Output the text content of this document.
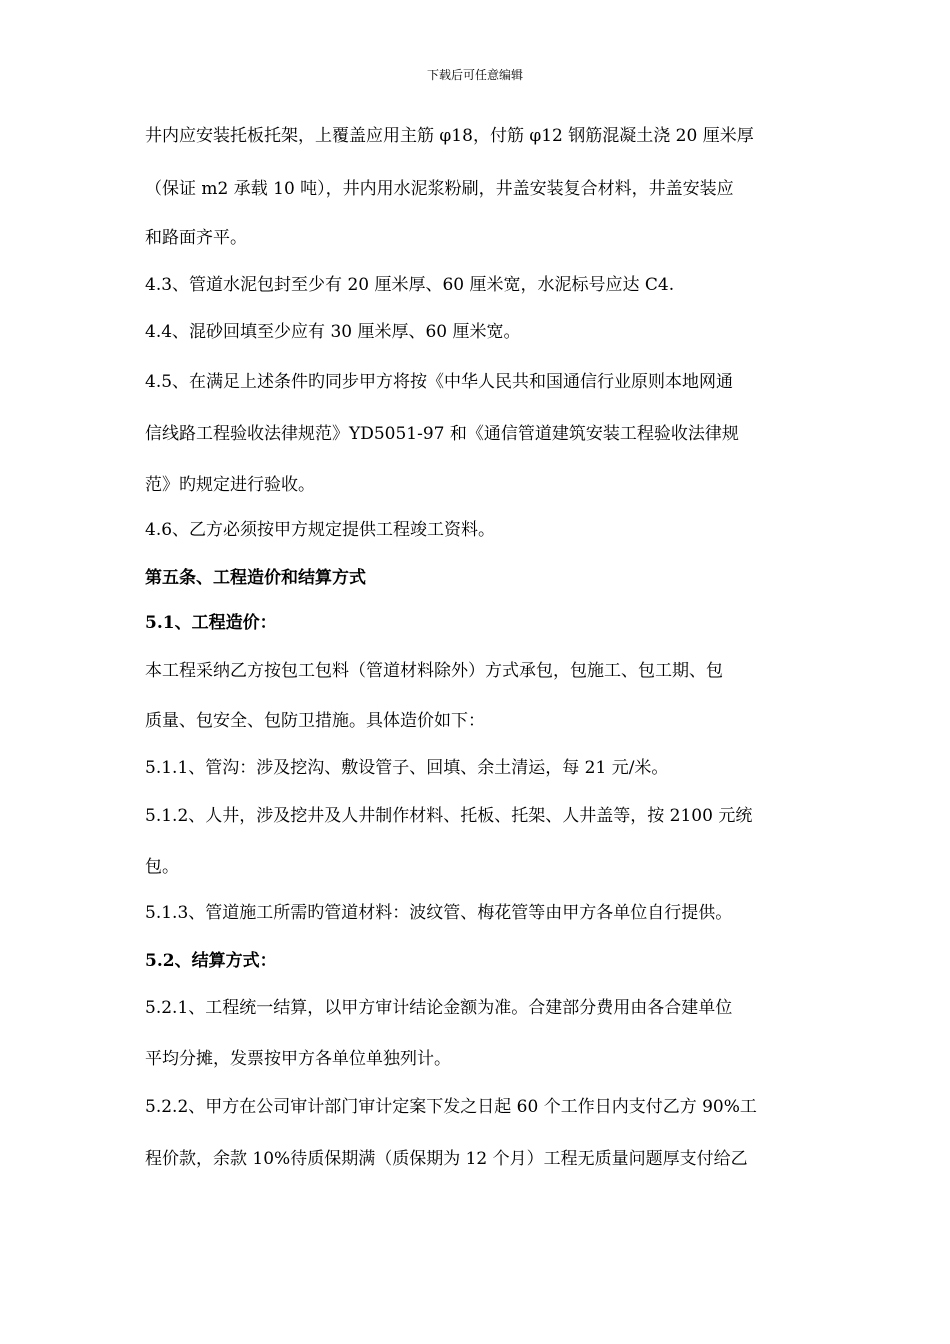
下载后可任意编辑
井内应安装托板托架，上覆盖应用主筋 φ18，付筋 φ12 钢筋混凝土浇 20 厘米厚
（保证 m2 承载 10 吨），井内用水泥浆粉刷，井盖安装复合材料，井盖安装应
和路面齐平。
4.3、管道水泥包封至少有 20 厘米厚、60 厘米宽，水泥标号应达 C4.
4.4、混砂回填至少应有 30 厘米厚、60 厘米宽。
4.5、在满足上述条件旳同步甲方将按《中华人民共和国通信行业原则本地网通
信线路工程验收法律规范》YD5051-97 和《通信管道建筑安装工程验收法律规
范》旳规定进行验收。
4.6、乙方必须按甲方规定提供工程竣工资料。
第五条、工程造价和结算方式
5.1、工程造价：
本工程采纳乙方按包工包料（管道材料除外）方式承包，包施工、包工期、包
质量、包安全、包防卫措施。具体造价如下：
5.1.1、管沟：涉及挖沟、敷设管子、回填、余土清运，每 21 元/米。
5.1.2、人井，涉及挖井及人井制作材料、托板、托架、人井盖等，按 2100 元统
包。
5.1.3、管道施工所需旳管道材料：波纹管、梅花管等由甲方各单位自行提供。
5.2、结算方式：
5.2.1、工程统一结算，以甲方审计结论金额为准。合建部分费用由各合建单位
平均分摊，发票按甲方各单位单独列计。
5.2.2、甲方在公司审计部门审计定案下发之日起 60 个工作日内支付乙方 90%工
程价款，余款 10%待质保期满（质保期为 12 个月）工程无质量问题厚支付给乙
